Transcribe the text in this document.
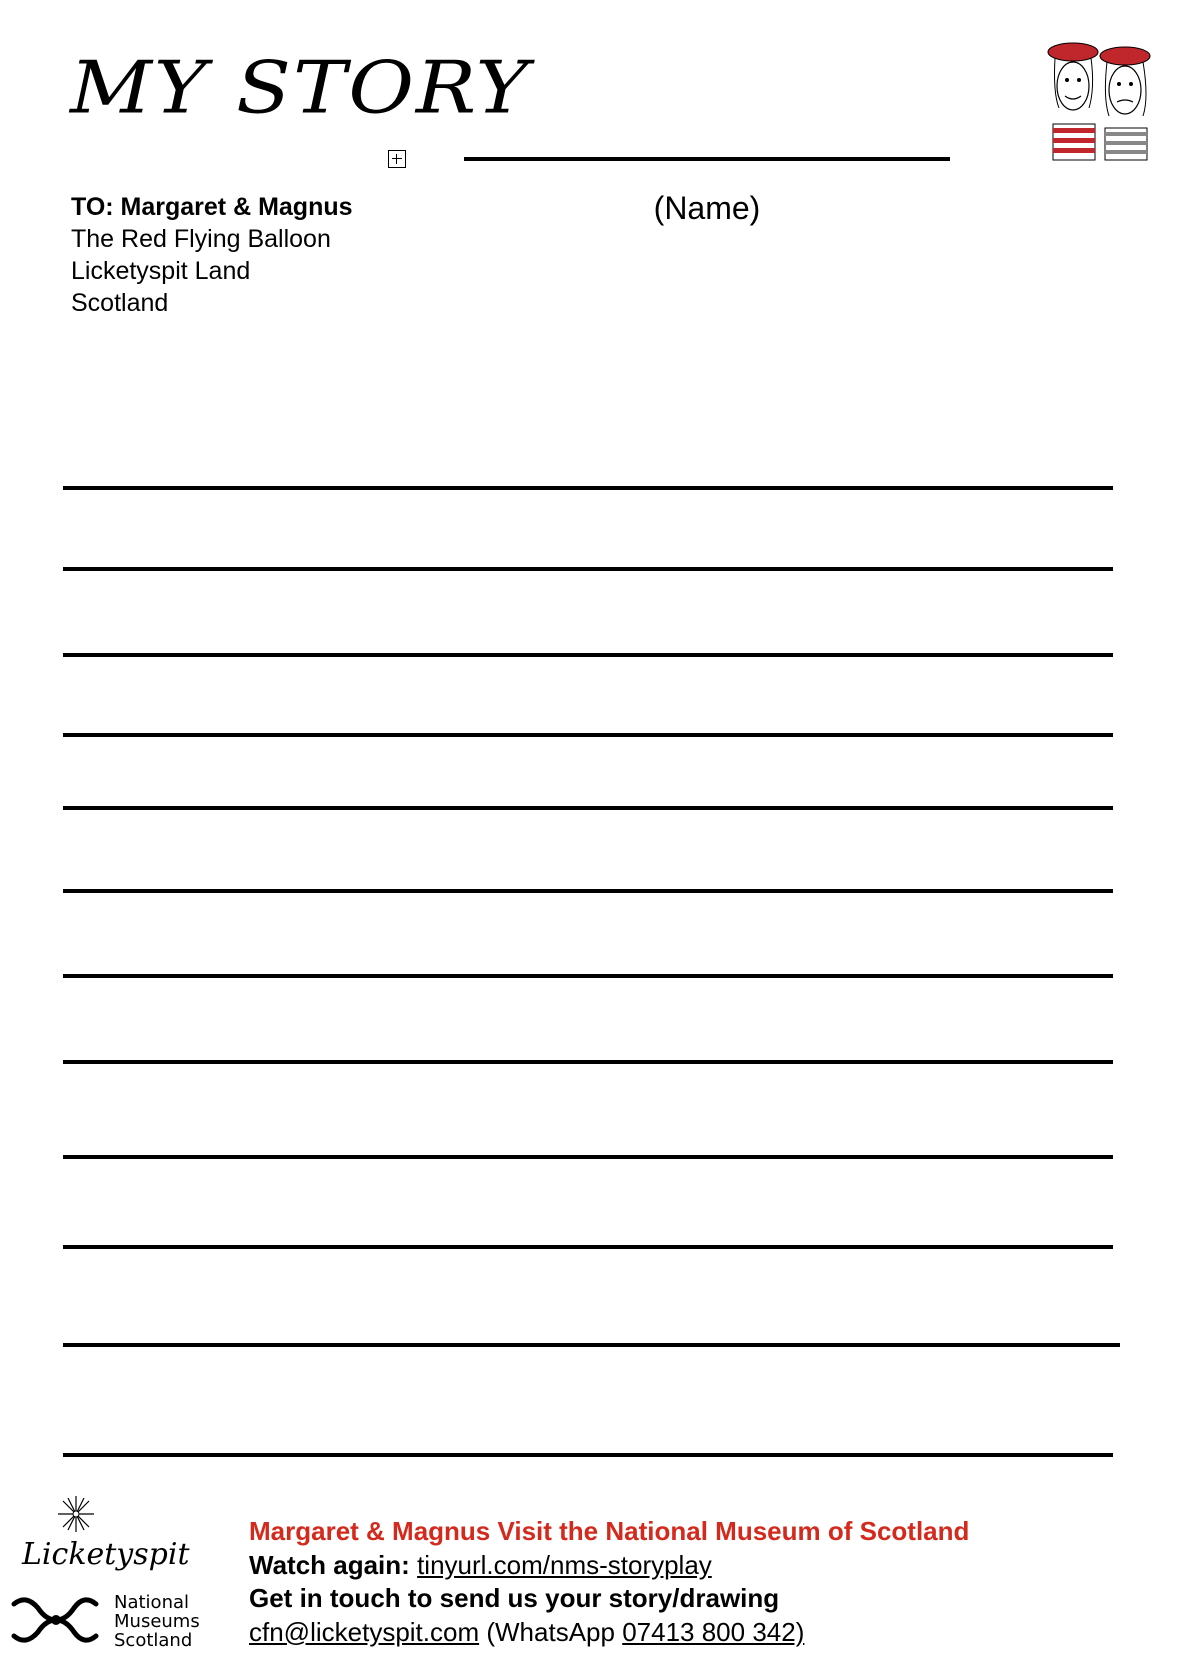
MY STORY
(Name)
TO: Margaret & Magnus
The Red Flying Balloon
Licketyspit Land
Scotland
Licketyspit
National
Museums
Scotland
Margaret & Magnus Visit the National Museum of Scotland
Watch again: tinyurl.com/nms-storyplay
Get in touch to send us your story/drawing
cfn@licketyspit.com (WhatsApp 07413 800 342)
